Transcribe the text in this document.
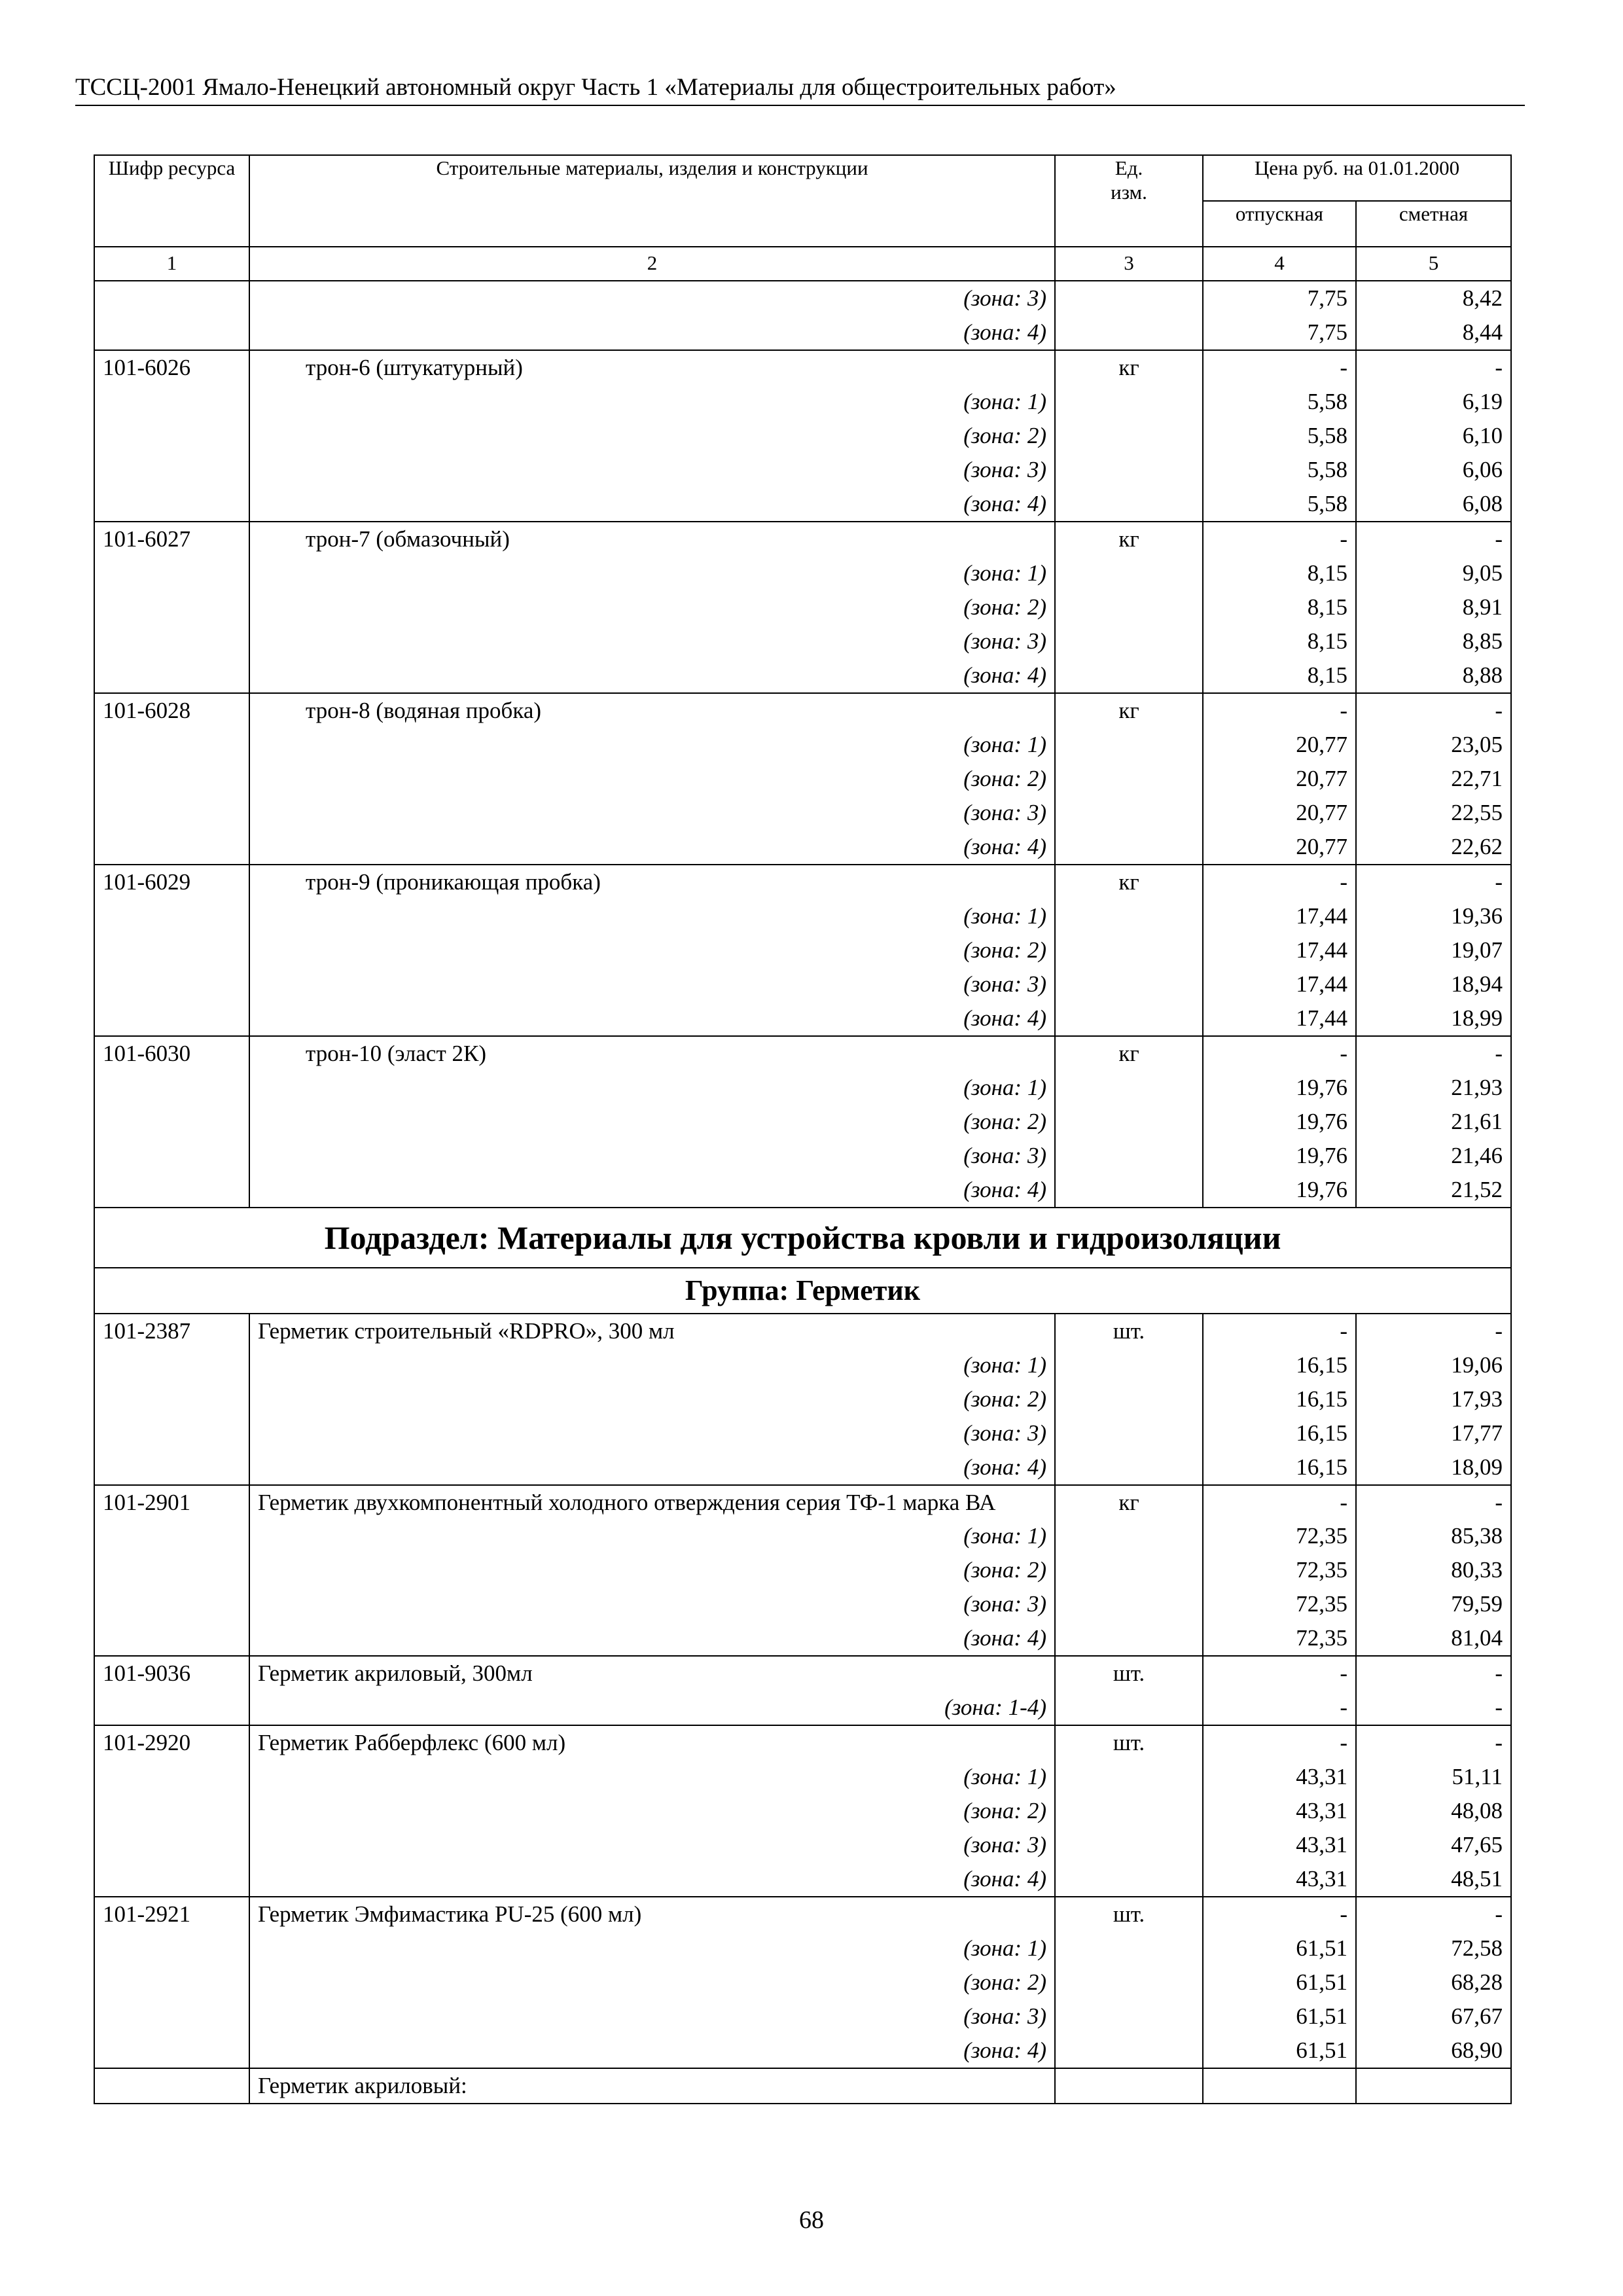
ТССЦ-2001 Ямало-Ненецкий автономный округ Часть 1 «Материалы для общестроительных работ»
Шифр ресурса	Строительные материалы, изделия и конструкции	Ед. изм.	Цена руб. на 01.01.2000	
			отпускная	сметная
1	2	3	4	5
	(зона: 3)		7,75	8,42
	(зона: 4)		7,75	8,44
101-6026	трон-6 (штукатурный)	кг	-	-
	(зона: 1)		5,58	6,19
	(зона: 2)		5,58	6,10
	(зона: 3)		5,58	6,06
	(зона: 4)		5,58	6,08
101-6027	трон-7 (обмазочный)	кг	-	-
	(зона: 1)		8,15	9,05
	(зона: 2)		8,15	8,91
	(зона: 3)		8,15	8,85
	(зона: 4)		8,15	8,88
101-6028	трон-8 (водяная пробка)	кг	-	-
	(зона: 1)		20,77	23,05
	(зона: 2)		20,77	22,71
	(зона: 3)		20,77	22,55
	(зона: 4)		20,77	22,62
101-6029	трон-9 (проникающая пробка)	кг	-	-
	(зона: 1)		17,44	19,36
	(зона: 2)		17,44	19,07
	(зона: 3)		17,44	18,94
	(зона: 4)		17,44	18,99
101-6030	трон-10 (эласт 2К)	кг	-	-
	(зона: 1)		19,76	21,93
	(зона: 2)		19,76	21,61
	(зона: 3)		19,76	21,46
	(зона: 4)		19,76	21,52
Подраздел: Материалы для устройства кровли и гидроизоляции				
Группа: Герметик				
101-2387	Герметик строительный «RDPRO», 300 мл	шт.	-	-
	(зона: 1)		16,15	19,06
	(зона: 2)		16,15	17,93
	(зона: 3)		16,15	17,77
	(зона: 4)		16,15	18,09
101-2901	Герметик двухкомпонентный холодного отверждения серия ТФ-1 марка ВА	кг	-	-
	(зона: 1)		72,35	85,38
	(зона: 2)		72,35	80,33
	(зона: 3)		72,35	79,59
	(зона: 4)		72,35	81,04
101-9036	Герметик акриловый, 300мл	шт.	-	-
	(зона: 1-4)		-	-
101-2920	Герметик Рабберфлекс (600 мл)	шт.	-	-
	(зона: 1)		43,31	51,11
	(зона: 2)		43,31	48,08
	(зона: 3)		43,31	47,65
	(зона: 4)		43,31	48,51
101-2921	Герметик Эмфимастика PU-25 (600 мл)	шт.	-	-
	(зона: 1)		61,51	72,58
	(зона: 2)		61,51	68,28
	(зона: 3)		61,51	67,67
	(зона: 4)		61,51	68,90
	Герметик акриловый:			
68
